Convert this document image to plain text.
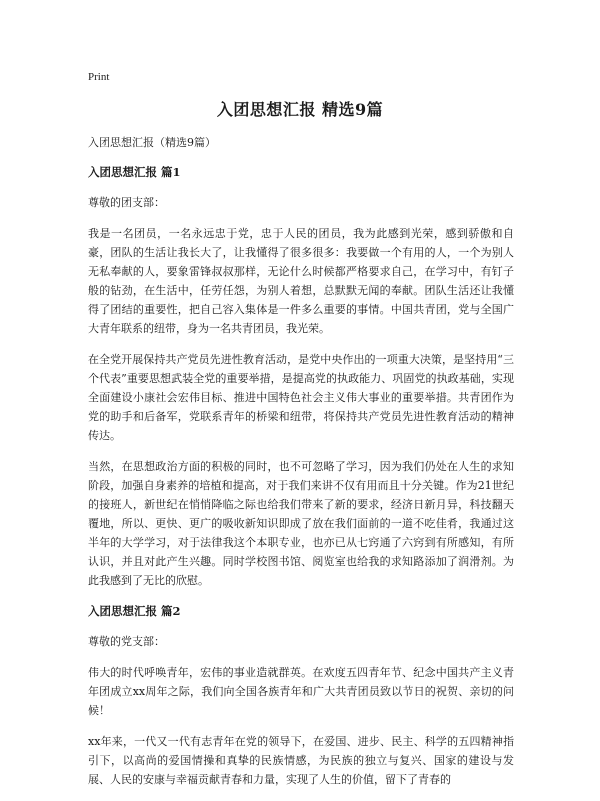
Print
入团思想汇报 精选9篇

入团思想汇报（精选9篇）

入团思想汇报 篇1

尊敬的团支部：

我是一名团员，一名永远忠于党，忠于人民的团员，我为此感到光荣，感到骄傲和自豪，团队的生活让我长大了，让我懂得了很多很多：我要做一个有用的人，一个为别人无私奉献的人，要象雷锋叔叔那样，无论什么时候都严格要求自己，在学习中，有钉子般的钻劲，在生活中，任劳任怨，为别人着想，总默默无闻的奉献。团队生活还让我懂得了团结的重要性，把自己容入集体是一件多么重要的事情。中国共青团，党与全国广大青年联系的纽带，身为一名共青团员，我光荣。

在全党开展保持共产党员先进性教育活动，是党中央作出的一项重大决策，是坚持用“三个代表”重要思想武装全党的重要举措，是提高党的执政能力、巩固党的执政基础，实现全面建设小康社会宏伟目标、推进中国特色社会主义伟大事业的重要举措。共青团作为党的助手和后备军，党联系青年的桥梁和纽带，将保持共产党员先进性教育活动的精神传达。

当然，在思想政治方面的积极的同时，也不可忽略了学习，因为我们仍处在人生的求知阶段，加强自身素养的培植和提高，对于我们来讲不仅有用而且十分关键。作为21世纪的接班人，新世纪在悄悄降临之际也给我们带来了新的要求，经济日新月异，科技翻天覆地，所以、更快、更广的吸收新知识即成了放在我们面前的一道不吃佳肴，我通过这半年的大学学习，对于法律我这个本职专业，也亦已从七窍通了六窍到有所感知，有所认识，并且对此产生兴趣。同时学校图书馆、阅览室也给我的求知路添加了润滑剂。为此我感到了无比的欣慰。

入团思想汇报 篇2

尊敬的党支部：

伟大的时代呼唤青年，宏伟的事业造就群英。在欢度五四青年节、纪念中国共产主义青年团成立xx周年之际，我们向全国各族青年和广大共青团员致以节日的祝贺、亲切的问候！

xx年来，一代又一代有志青年在党的领导下，在爱国、进步、民主、科学的五四精神指引下，以高尚的爱国情操和真挚的民族情感，为民族的独立与复兴、国家的建设与发展、人民的安康与幸福贡献青春和力量，实现了人生的价值，留下了青春的
